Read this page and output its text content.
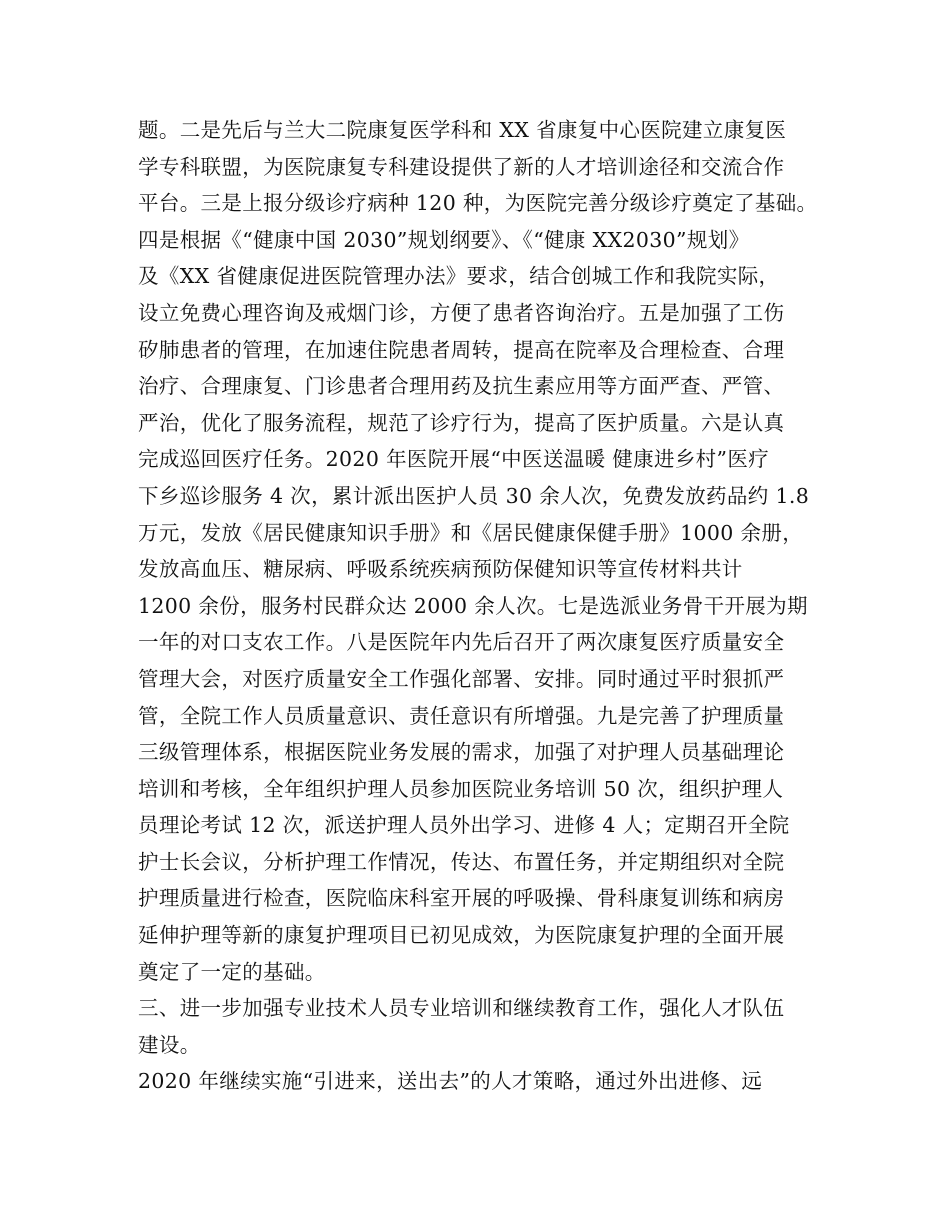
题。二是先后与兰大二院康复医学科和 XX 省康复中心医院建立康复医
学专科联盟，为医院康复专科建设提供了新的人才培训途径和交流合作
平台。三是上报分级诊疗病种 120 种，为医院完善分级诊疗奠定了基础。
四是根据《“健康中国 2030”规划纲要》、《“健康 XX2030”规划》
及《XX 省健康促进医院管理办法》要求，结合创城工作和我院实际，
设立免费心理咨询及戒烟门诊，方便了患者咨询治疗。五是加强了工伤
矽肺患者的管理，在加速住院患者周转，提高在院率及合理检查、合理
治疗、合理康复、门诊患者合理用药及抗生素应用等方面严查、严管、
严治，优化了服务流程，规范了诊疗行为，提高了医护质量。六是认真
完成巡回医疗任务。2020 年医院开展“中医送温暖 健康进乡村”医疗
下乡巡诊服务 4 次，累计派出医护人员 30 余人次，免费发放药品约 1.8
万元，发放《居民健康知识手册》和《居民健康保健手册》1000 余册，
发放高血压、糖尿病、呼吸系统疾病预防保健知识等宣传材料共计
1200 余份，服务村民群众达 2000 余人次。七是选派业务骨干开展为期
一年的对口支农工作。八是医院年内先后召开了两次康复医疗质量安全
管理大会，对医疗质量安全工作强化部署、安排。同时通过平时狠抓严
管，全院工作人员质量意识、责任意识有所增强。九是完善了护理质量
三级管理体系，根据医院业务发展的需求，加强了对护理人员基础理论
培训和考核，全年组织护理人员参加医院业务培训 50 次，组织护理人
员理论考试 12 次，派送护理人员外出学习、进修 4 人；定期召开全院
护士长会议，分析护理工作情况，传达、布置任务，并定期组织对全院
护理质量进行检查，医院临床科室开展的呼吸操、骨科康复训练和病房
延伸护理等新的康复护理项目已初见成效，为医院康复护理的全面开展
奠定了一定的基础。
三、进一步加强专业技术人员专业培训和继续教育工作，强化人才队伍
建设。
2020 年继续实施“引进来，送出去”的人才策略，通过外出进修、远
